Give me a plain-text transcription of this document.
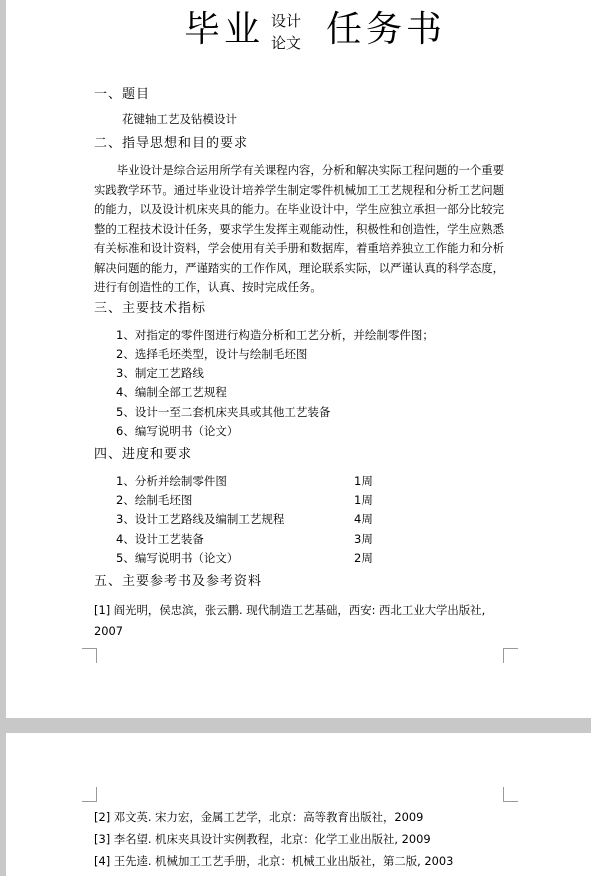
毕业 设计
论文 任务书
一、题目
花键轴工艺及钻模设计
二、指导思想和目的要求
毕业设计是综合运用所学有关课程内容，分析和解决实际工程问题的一个重要实践教学环节。通过毕业设计培养学生制定零件机械加工工艺规程和分析工艺问题的能力，以及设计机床夹具的能力。在毕业设计中，学生应独立承担一部分比较完整的工程技术设计任务，要求学生发挥主观能动性，积极性和创造性，学生应熟悉有关标准和设计资料，学会使用有关手册和数据库，着重培养独立工作能力和分析解决问题的能力，严谨踏实的工作作风，理论联系实际，以严谨认真的科学态度，进行有创造性的工作，认真、按时完成任务。
三、主要技术指标
1、对指定的零件图进行构造分析和工艺分析，并绘制零件图；
2、选择毛坯类型，设计与绘制毛坯图
3、制定工艺路线
4、编制全部工艺规程
5、设计一至二套机床夹具或其他工艺装备
6、编写说明书（论文）
四、进度和要求
1、分析并绘制零件图	1周
2、绘制毛坯图	1周
3、设计工艺路线及编制工艺规程	4周
4、设计工艺装备	3周
5、编写说明书（论文）	2周
五、主要参考书及参考资料
[1] 阎光明，侯忠滨，张云鹏. 现代制造工艺基础，西安: 西北工业大学出版社, 2007
[2] 邓文英. 宋力宏，金属工艺学，北京：高等教育出版社，2009
[3] 李名望. 机床夹具设计实例教程，北京：化学工业出版社, 2009
[4] 王先逵. 机械加工工艺手册，北京：机械工业出版社，第二版, 2003
